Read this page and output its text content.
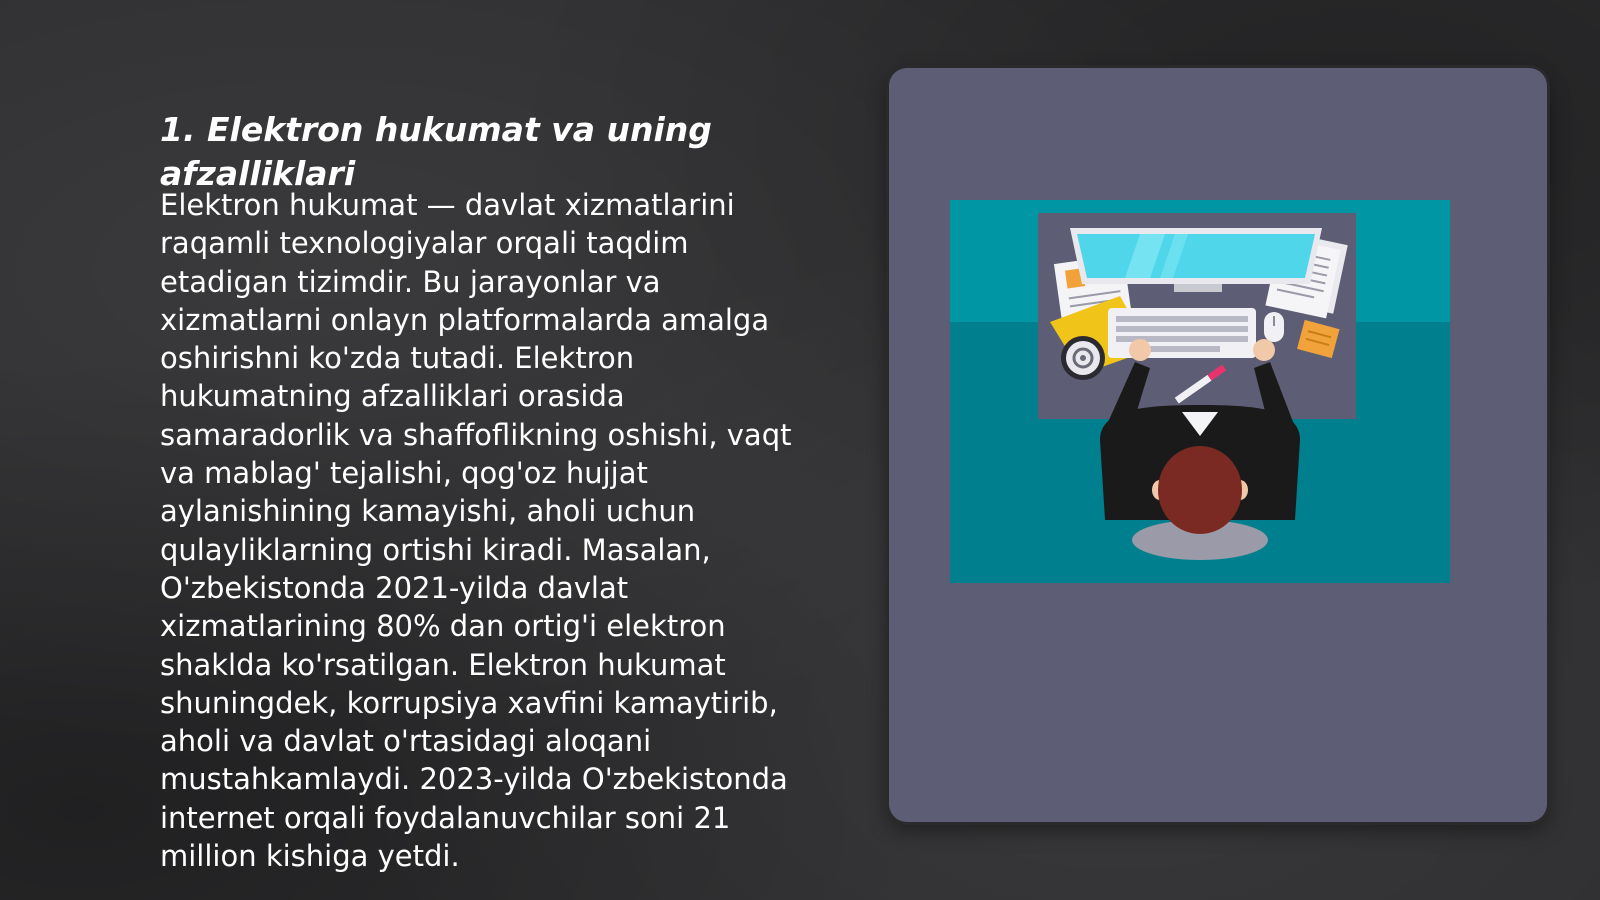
1. Elektron hukumat va uning afzalliklari

Elektron hukumat — davlat xizmatlarini raqamli texnologiyalar orqali taqdim etadigan tizimdir. Bu jarayonlar va xizmatlarni onlayn platformalarda amalga oshirishni ko'zda tutadi. Elektron hukumatning afzalliklari orasida samaradorlik va shaffoflikning oshishi, vaqt va mablag' tejalishi, qog'oz hujjat aylanishining kamayishi, aholi uchun qulayliklarning ortishi kiradi. Masalan, O'zbekistonda 2021-yilda davlat xizmatlarining 80% dan ortig'i elektron shaklda ko'rsatilgan. Elektron hukumat shuningdek, korrupsiya xavfini kamaytirib, aholi va davlat o'rtasidagi aloqani mustahkamlaydi. 2023-yilda O'zbekistonda internet orqali foydalanuvchilar soni 21 million kishiga yetdi.
